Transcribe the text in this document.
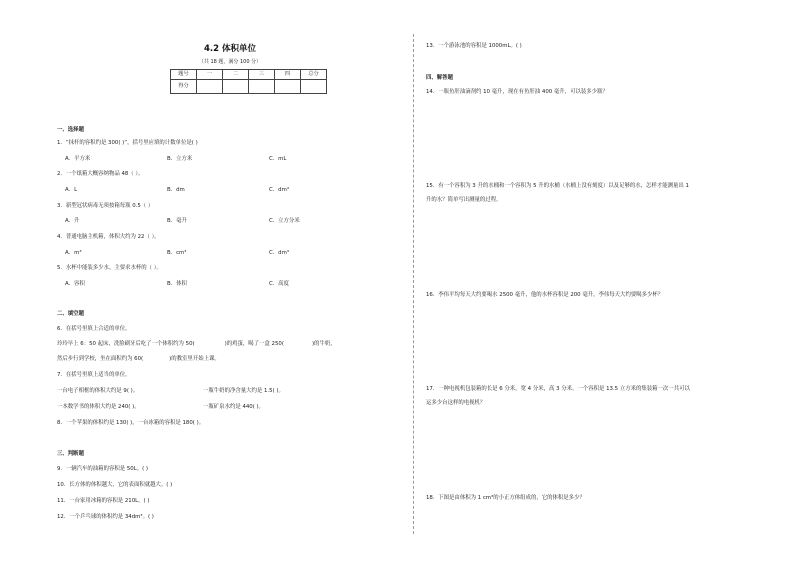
4.2 体积单位
（共 18 题，满分 100 分）
题号	一	二	三	四	总分
得分					
一、选择题
1．“抹杆的容积约是 300( )”，括号里应填的计数单位是( )
A．平方米	B．立方米	C．mL
2．一个纸箱大概容纳物品 48（ ）。
A．L	B．dm	C．dm³
3．新型冠状病毒无须按箱每瓶 0.5（ ）
A．升	B．毫升	C．立方分米
4．普通电脑主机箱，体积大约为 22（ ）。
A．m³	B．cm³	C．dm³
5．水杯中能装多少水，主要求水杯的（ ）。
A．容积	B．体积	C．高度
二、填空题
6．在括号里填上合适的单位。
玲玲早上 6：50 起床，洗脸刷牙后吃了一个体积约为 50(	)的鸡蛋，喝了一盒 250(	)的牛奶，
然后步行到学校，坐在面积约为 60(	)的教室里开始上课。
7．在括号里填上适当的单位。
一台电子相框的体积大约是 9( )。	一瓶牛奶的净含量大约是 1.5( )。
一本数学书的体积大约是 240( )。	一瓶矿泉水约是 440( )。
8．一个苹果的体积约是 130( )，一台冰箱的容积是 180( )。
三、判断题
9．一辆汽车的油箱的容积是 50L。( )
10．长方体的体积越大，它的表面积就越大。( )
11．一台家用冰箱的容积是 210L。( )
12．一个乒乓球的体积约是 34dm³。( )
13．一个游泳池的容积是 1000mL。( )
四、解答题
14．一瓶鱼肝油滴剂约 10 毫升，现在有鱼肝油 400 毫升，可以装多少瓶？
15．有一个容积为 3 升的水桶和一个容积为 5 升的水桶（水桶上没有刻度）以及足够的水，怎样才能测量出 1
升的水？简单写出测量的过程。
16．李伟平均每天大约要喝水 2500 毫升，他的水杯容积是 200 毫升，李伟每天大约要喝多少杯？
17．一种电视机包装箱的长是 6 分米，宽 4 分米，高 3 分米。一个容积是 13.5 立方米的集装箱一次一共可以
运多少台这样的电视机？
18．下图是由体积为 1 cm³的小正方体组成的，它的体积是多少？
